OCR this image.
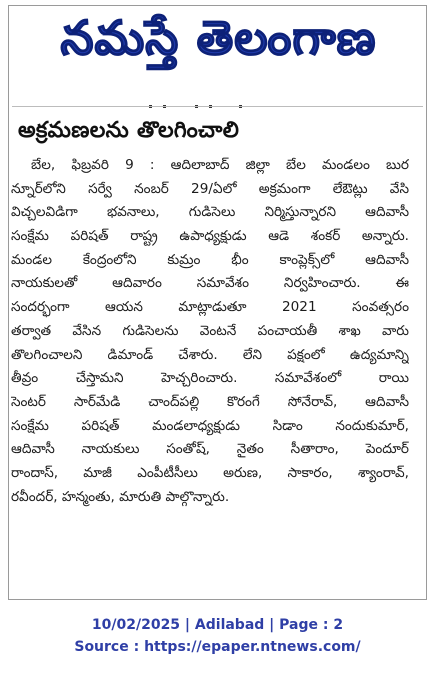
నమస్తే తెలంగాణ
అక్రమణలను తొలగించాలి
బేల, ఫిబ్రవరి 9 : ఆదిలాబాద్ జిల్లా బేల మండలం బుర
న్నూర్‌లోని సర్వే నంబర్ 29/ఏలో అక్రమంగా లేఔట్లు వేసి
విచ్చలవిడిగా భవనాలు, గుడిసెలు నిర్మిస్తున్నారని ఆదివాసీ
సంక్షేమ పరిషత్ రాష్ట్ర ఉపాధ్యక్షుడు ఆడె శంకర్ అన్నారు.
మండల కేంద్రంలోని కుమ్రం భీం కాంప్లెక్స్‌లో ఆదివాసీ
నాయకులతో ఆదివారం సమావేశం నిర్వహించారు. ఈ
సందర్భంగా ఆయన మాట్లాడుతూ 2021 సంవత్సరం
తర్వాత వేసిన గుడిసెలను వెంటనే పంచాయతీ శాఖ వారు
తొలగించాలని డిమాండ్ చేశారు. లేని పక్షంలో ఉద్యమాన్ని
తీవ్రం చేస్తామని హెచ్చరించారు. సమావేశంలో రాయి
సెంటర్ సార్‌మేడి చాంద్‌పల్లి కొరంగే సోనేరావ్, ఆదివాసీ
సంక్షేమ పరిషత్ మండలాధ్యక్షుడు సిడాం నందుకుమార్,
ఆదివాసీ నాయకులు సంతోష్, నైతం సీతారాం, పెందూర్
రాందాస్, మాజీ ఎంపీటీసీలు అరుణ, సాకారం, శ్యాంరావ్,
రవీందర్, హన్మంతు, మారుతి పాల్గొన్నారు.
10/02/2025 | Adilabad | Page : 2
Source : https://epaper.ntnews.com/
